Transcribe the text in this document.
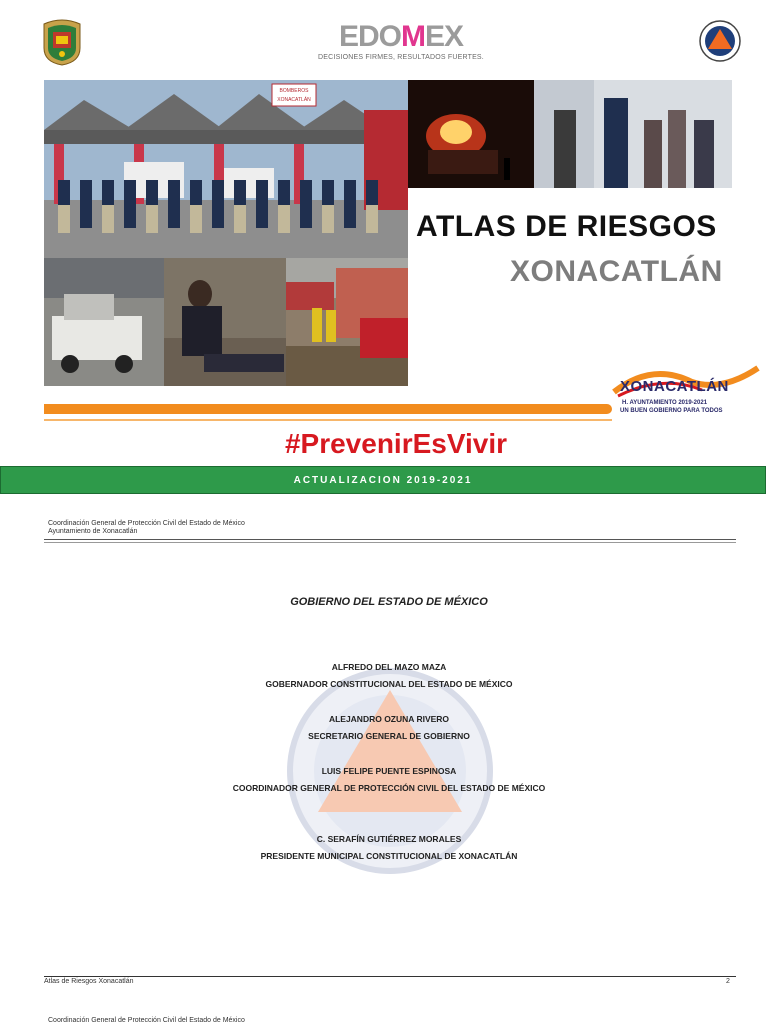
EDOMEX
DECISIONES FIRMES, RESULTADOS FUERTES.
BOMBEROS
XONACATLÁN
ATLAS DE RIESGOS
XONACATLÁN
XONACATLÁN
H. AYUNTAMIENTO 2019-2021
UN BUEN GOBIERNO PARA TODOS
#PrevenirEsVivir
ACTUALIZACION 2019-2021
Coordinación General de Protección Civil del Estado de México
Ayuntamiento de Xonacatlán
GOBIERNO DEL ESTADO DE MÉXICO
ALFREDO DEL MAZO MAZA
GOBERNADOR CONSTITUCIONAL DEL ESTADO DE MÉXICO
ALEJANDRO OZUNA RIVERO
SECRETARIO GENERAL DE GOBIERNO
LUIS FELIPE PUENTE ESPINOSA
COORDINADOR GENERAL DE PROTECCIÓN CIVIL DEL ESTADO DE MÉXICO
C. SERAFÍN GUTIÉRREZ MORALES
PRESIDENTE MUNICIPAL CONSTITUCIONAL DE XONACATLÁN
Atlas de Riesgos Xonacatlán	2
Coordinación General de Protección Civil del Estado de México
